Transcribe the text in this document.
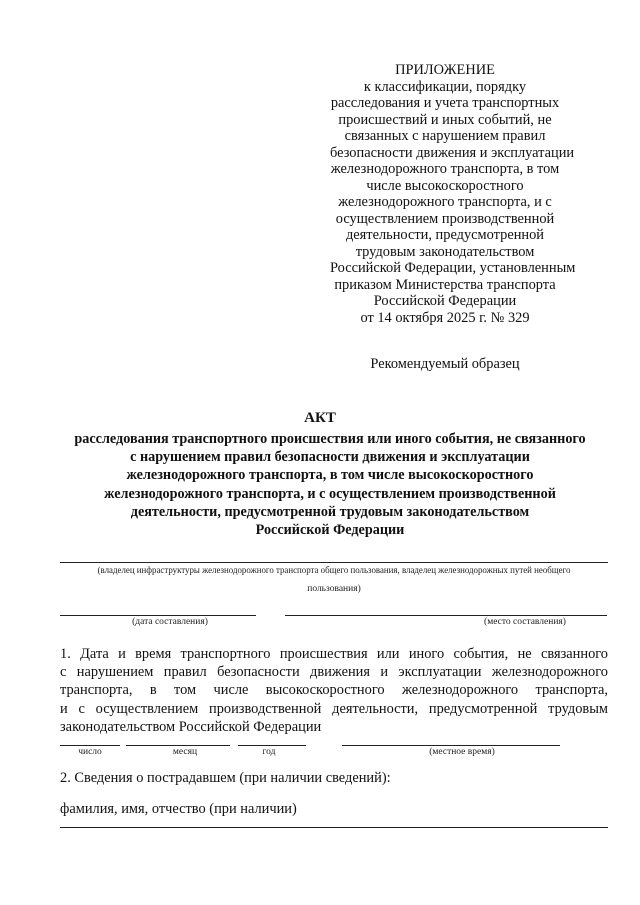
ПРИЛОЖЕНИЕ
к классификации, порядку
расследования и учета транспортных
происшествий и иных событий, не
связанных с нарушением правил
безопасности движения и эксплуатации
железнодорожного транспорта, в том
числе высокоскоростного
железнодорожного транспорта, и с
осуществлением производственной
деятельности, предусмотренной
трудовым законодательством
Российской Федерации, установленным
приказом Министерства транспорта
Российской Федерации
от 14 октября 2025 г. № 329
Рекомендуемый образец
АКТ
расследования транспортного происшествия или иного события, не связанного
с нарушением правил безопасности движения и эксплуатации
железнодорожного транспорта, в том числе высокоскоростного
железнодорожного транспорта, и с осуществлением производственной
деятельности, предусмотренной трудовым законодательством
Российской Федерации
(владелец инфраструктуры железнодорожного транспорта общего пользования, владелец железнодорожных путей необщего
пользования)
(дата составления)	(место составления)
1. Дата и время транспортного происшествия или иного события, не связанного
с нарушением правил безопасности движения и эксплуатации железнодорожного
транспорта, в том числе высокоскоростного железнодорожного транспорта,
и с осуществлением производственной деятельности, предусмотренной трудовым
законодательством Российской Федерации
число	месяц	год	(местное время)
2. Сведения о пострадавшем (при наличии сведений):
фамилия, имя, отчество (при наличии)
